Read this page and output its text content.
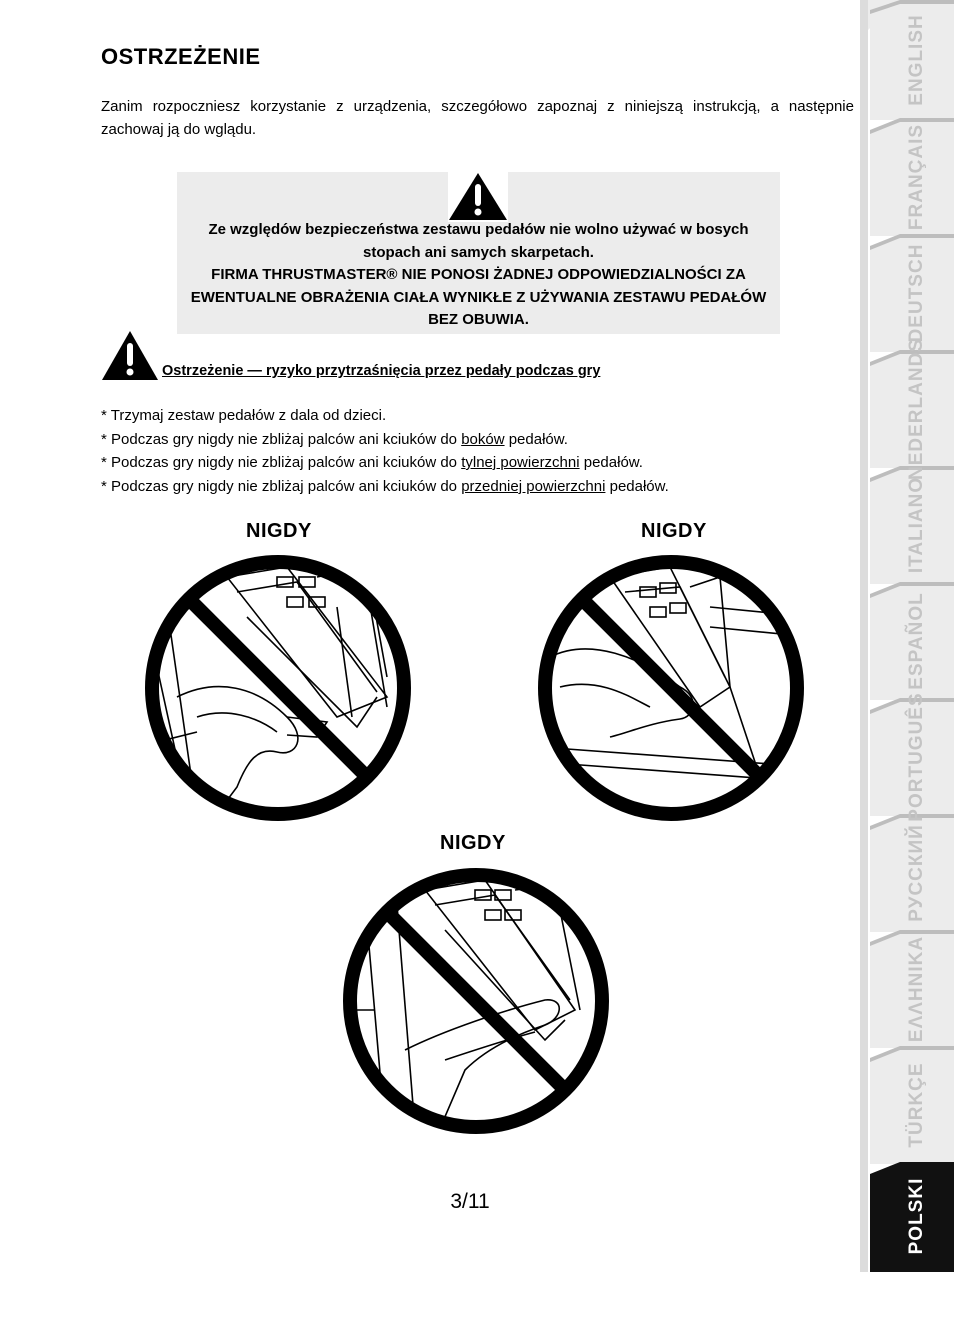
OSTRZEŻENIE
Zanim rozpoczniesz korzystanie z urządzenia, szczegółowo zapoznaj z niniejszą instrukcją, a następnie zachowaj ją do wglądu.

Ze względów bezpieczeństwa zestawu pedałów nie wolno używać w bosych stopach ani samych skarpetach.

FIRMA THRUSTMASTER® NIE PONOSI ŻADNEJ ODPOWIEDZIALNOŚCI ZA EWENTUALNE OBRAŻENIA CIAŁA WYNIKŁE Z UŻYWANIA ZESTAWU PEDAŁÓW BEZ OBUWIA.

Ostrzeżenie — ryzyko przytrzaśnięcia przez pedały podczas gry
* Trzymaj zestaw pedałów z dala od dzieci.
* Podczas gry nigdy nie zbliżaj palców ani kciuków do boków pedałów.
* Podczas gry nigdy nie zbliżaj palców ani kciuków do tylnej powierzchni pedałów.
* Podczas gry nigdy nie zbliżaj palców ani kciuków do przedniej powierzchni pedałów.
NIGDY	NIGDY
NIGDY
3/11
ENGLISH
FRANÇAIS
DEUTSCH
NEDERLANDS
ITALIANO
ESPAÑOL
PORTUGUÊS
РУССКИЙ
ΕΛΛΗΝΙΚΑ
TÜRKÇE
POLSKI
